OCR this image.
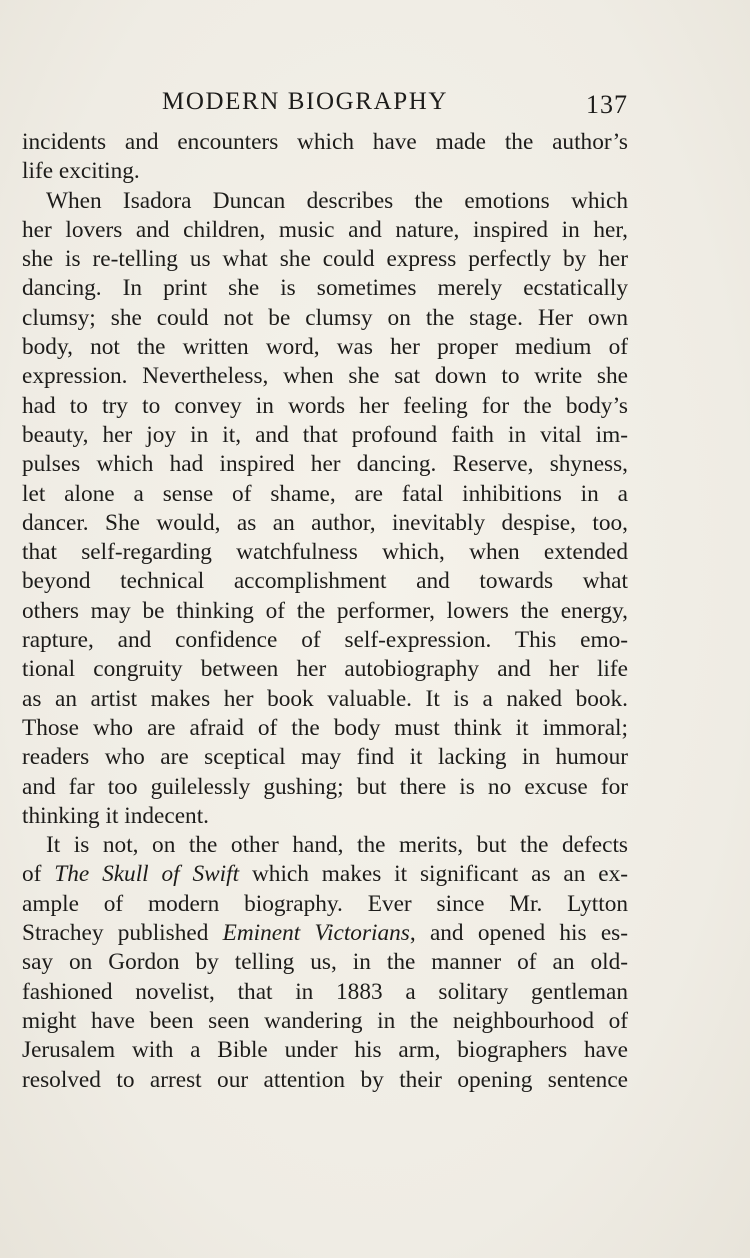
MODERN BIOGRAPHY	137
incidents and encounters which have made the author’s
life exciting.
When Isadora Duncan describes the emotions which
her lovers and children, music and nature, inspired in her,
she is re-telling us what she could express perfectly by her
dancing. In print she is sometimes merely ecstatically
clumsy; she could not be clumsy on the stage. Her own
body, not the written word, was her proper medium of
expression. Nevertheless, when she sat down to write she
had to try to convey in words her feeling for the body’s
beauty, her joy in it, and that profound faith in vital im-
pulses which had inspired her dancing. Reserve, shyness,
let alone a sense of shame, are fatal inhibitions in a
dancer. She would, as an author, inevitably despise, too,
that self-regarding watchfulness which, when extended
beyond technical accomplishment and towards what
others may be thinking of the performer, lowers the energy,
rapture, and confidence of self-expression. This emo-
tional congruity between her autobiography and her life
as an artist makes her book valuable. It is a naked book.
Those who are afraid of the body must think it immoral;
readers who are sceptical may find it lacking in humour
and far too guilelessly gushing; but there is no excuse for
thinking it indecent.
It is not, on the other hand, the merits, but the defects
of The Skull of Swift which makes it significant as an ex-
ample of modern biography. Ever since Mr. Lytton
Strachey published Eminent Victorians, and opened his es-
say on Gordon by telling us, in the manner of an old-
fashioned novelist, that in 1883 a solitary gentleman
might have been seen wandering in the neighbourhood of
Jerusalem with a Bible under his arm, biographers have
resolved to arrest our attention by their opening sentence
